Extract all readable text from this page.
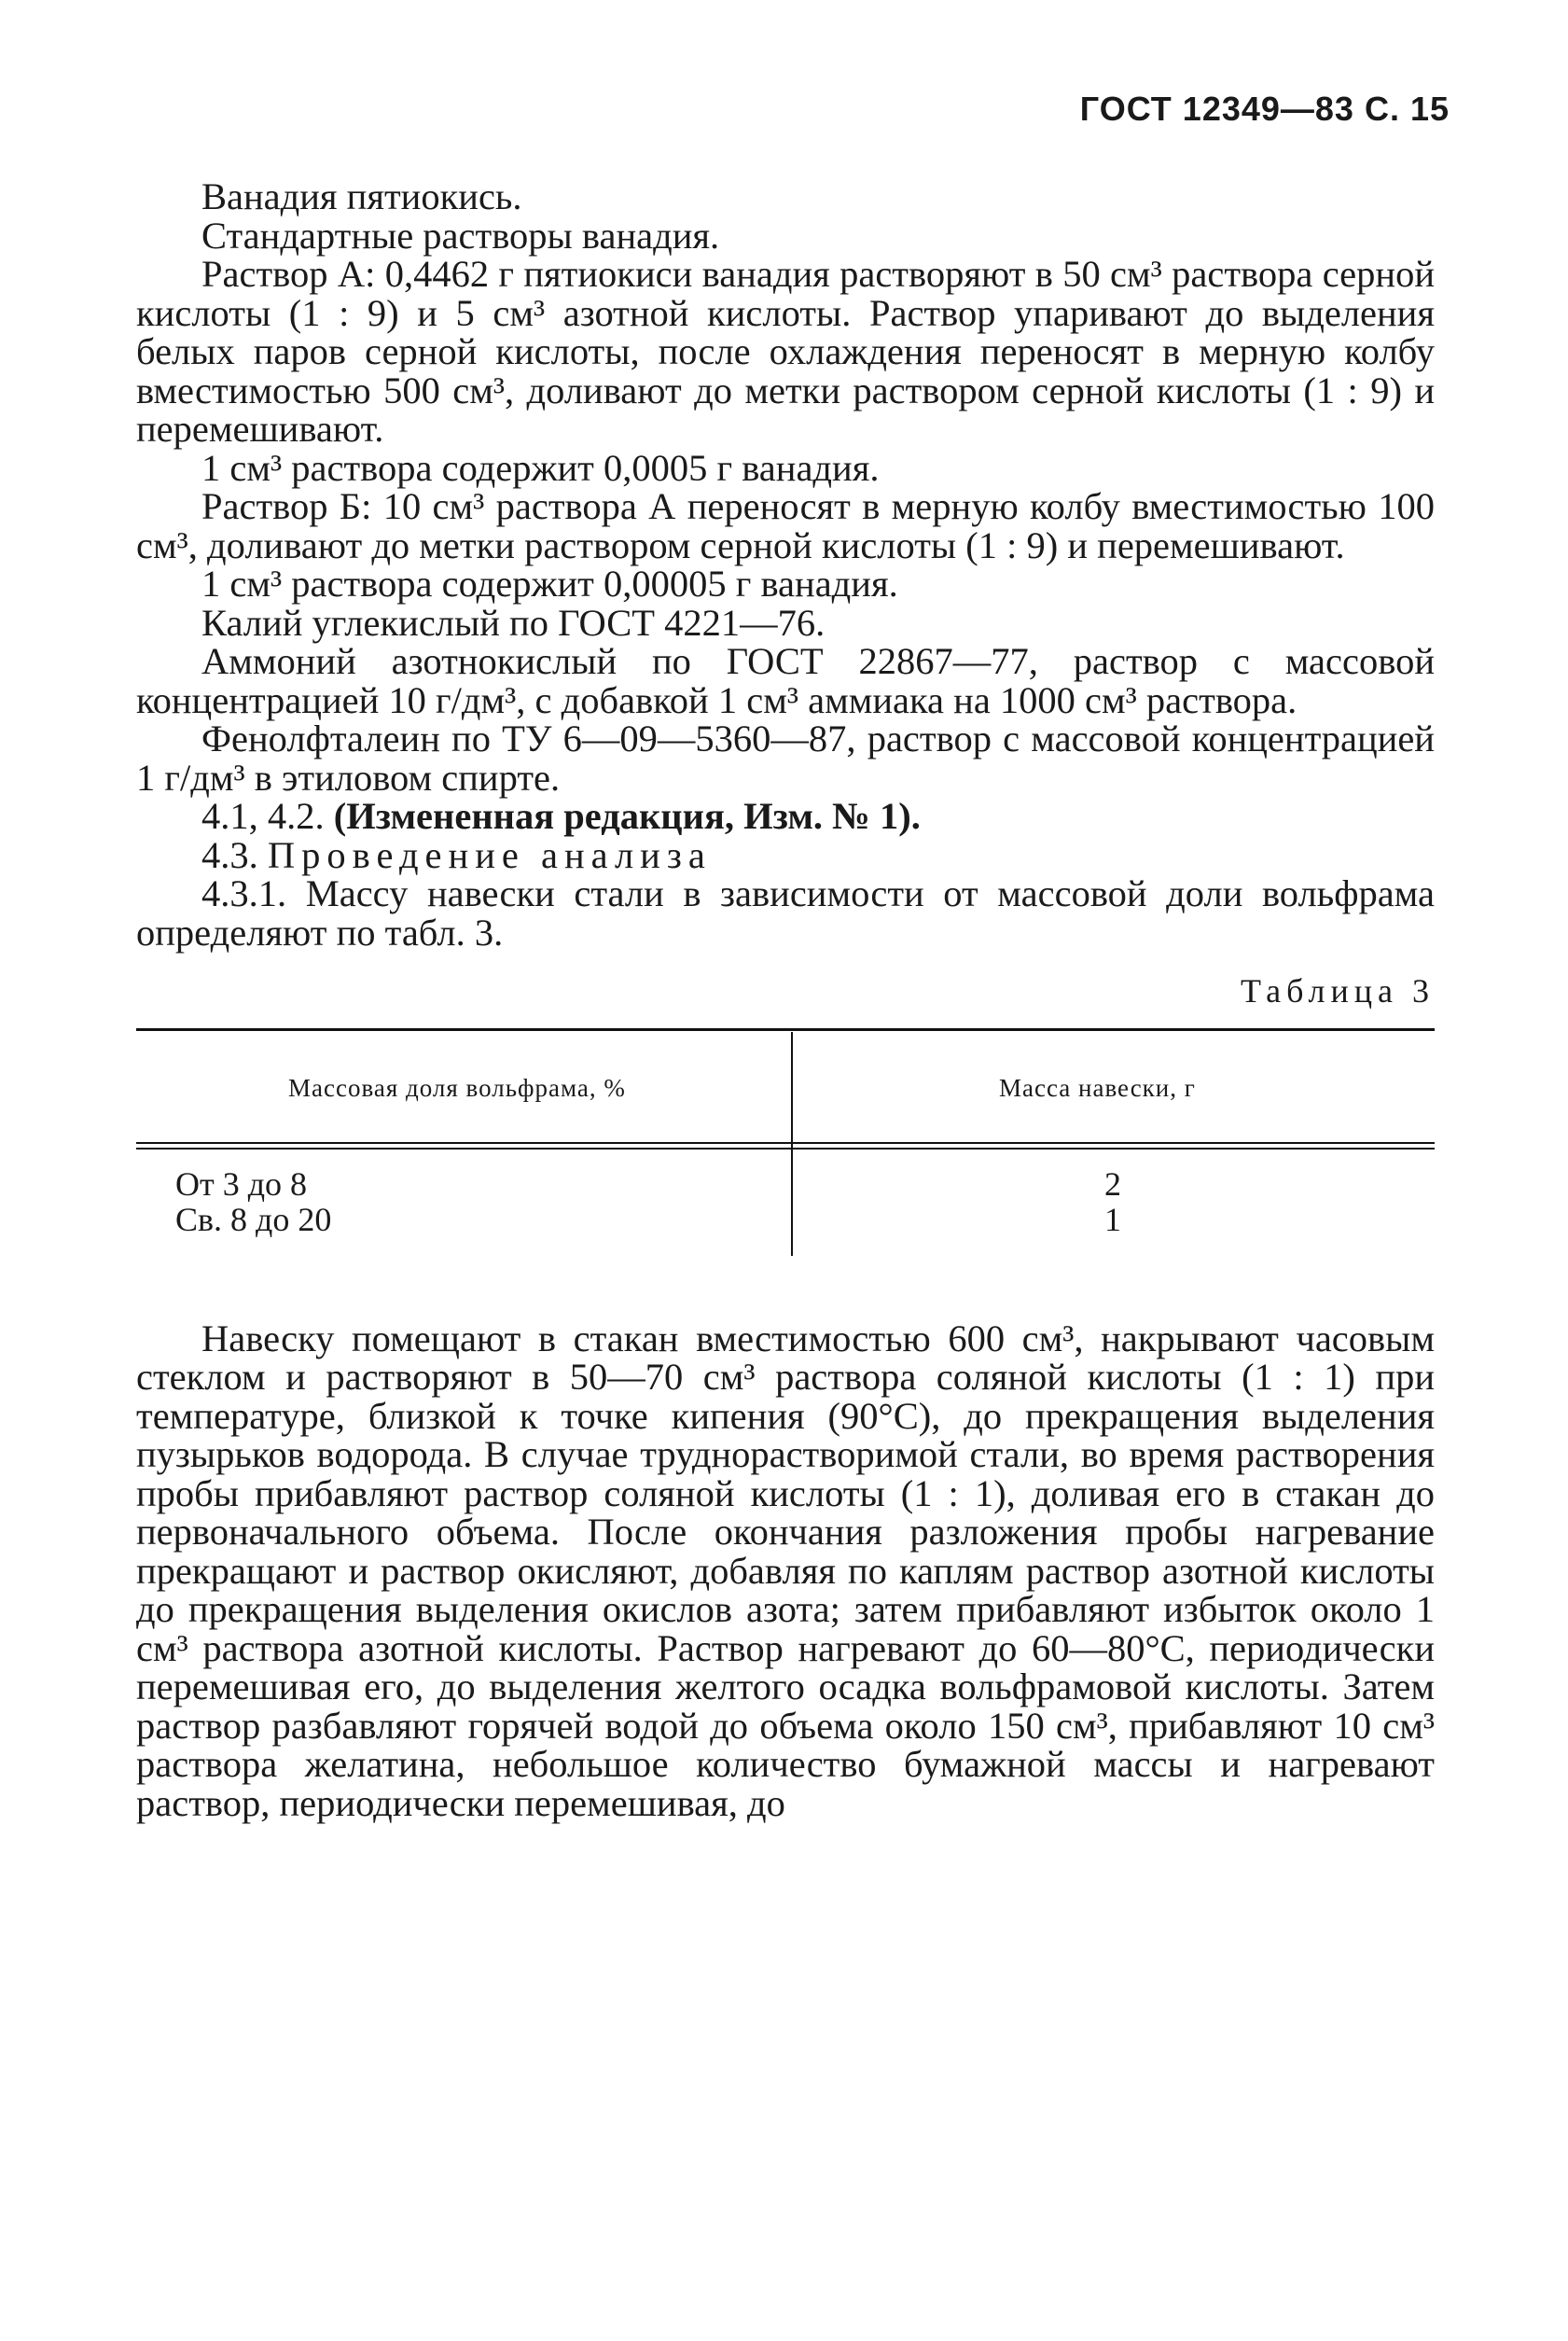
ГОСТ 12349—83 С. 15

Ванадия пятиокись.

Стандартные растворы ванадия.

Раствор А: 0,4462 г пятиокиси ванадия растворяют в 50 см³ раствора серной кислоты (1 : 9) и 5 см³ азотной кислоты. Раствор упаривают до выделения белых паров серной кислоты, после охлаждения переносят в мерную колбу вместимостью 500 см³, доливают до метки раствором серной кислоты (1 : 9) и перемешивают.

1 см³ раствора содержит 0,0005 г ванадия.

Раствор Б: 10 см³ раствора А переносят в мерную колбу вместимостью 100 см³, доливают до метки раствором серной кислоты (1 : 9) и перемешивают.

1 см³ раствора содержит 0,00005 г ванадия.

Калий углекислый по ГОСТ 4221—76.

Аммоний азотнокислый по ГОСТ 22867—77, раствор с массовой концентрацией 10 г/дм³, с добавкой 1 см³ аммиака на 1000 см³ раствора.

Фенолфталеин по ТУ 6—09—5360—87, раствор с массовой концентрацией 1 г/дм³ в этиловом спирте.

4.1, 4.2. (Измененная редакция, Изм. № 1).

4.3. Проведение анализа

4.3.1. Массу навески стали в зависимости от массовой доли вольфрама определяют по табл. 3.

Таблица 3
Массовая доля вольфрама, %	Масса навески, г
От 3 до 8	2
Св. 8 до 20	1

Навеску помещают в стакан вместимостью 600 см³, накрывают часовым стеклом и растворяют в 50—70 см³ раствора соляной кислоты (1 : 1) при температуре, близкой к точке кипения (90°С), до прекращения выделения пузырьков водорода. В случае труднорастворимой стали, во время растворения пробы прибавляют раствор соляной кислоты (1 : 1), доливая его в стакан до первоначального объема. После окончания разложения пробы нагревание прекращают и раствор окисляют, добавляя по каплям раствор азотной кислоты до прекращения выделения окислов азота; затем прибавляют избыток около 1 см³ раствора азотной кислоты. Раствор нагревают до 60—80°С, периодически перемешивая его, до выделения желтого осадка вольфрамовой кислоты. Затем раствор разбавляют горячей водой до объема около 150 см³, прибавляют 10 см³ раствора желатина, небольшое количество бумажной массы и нагревают раствор, периодически перемешивая, до
